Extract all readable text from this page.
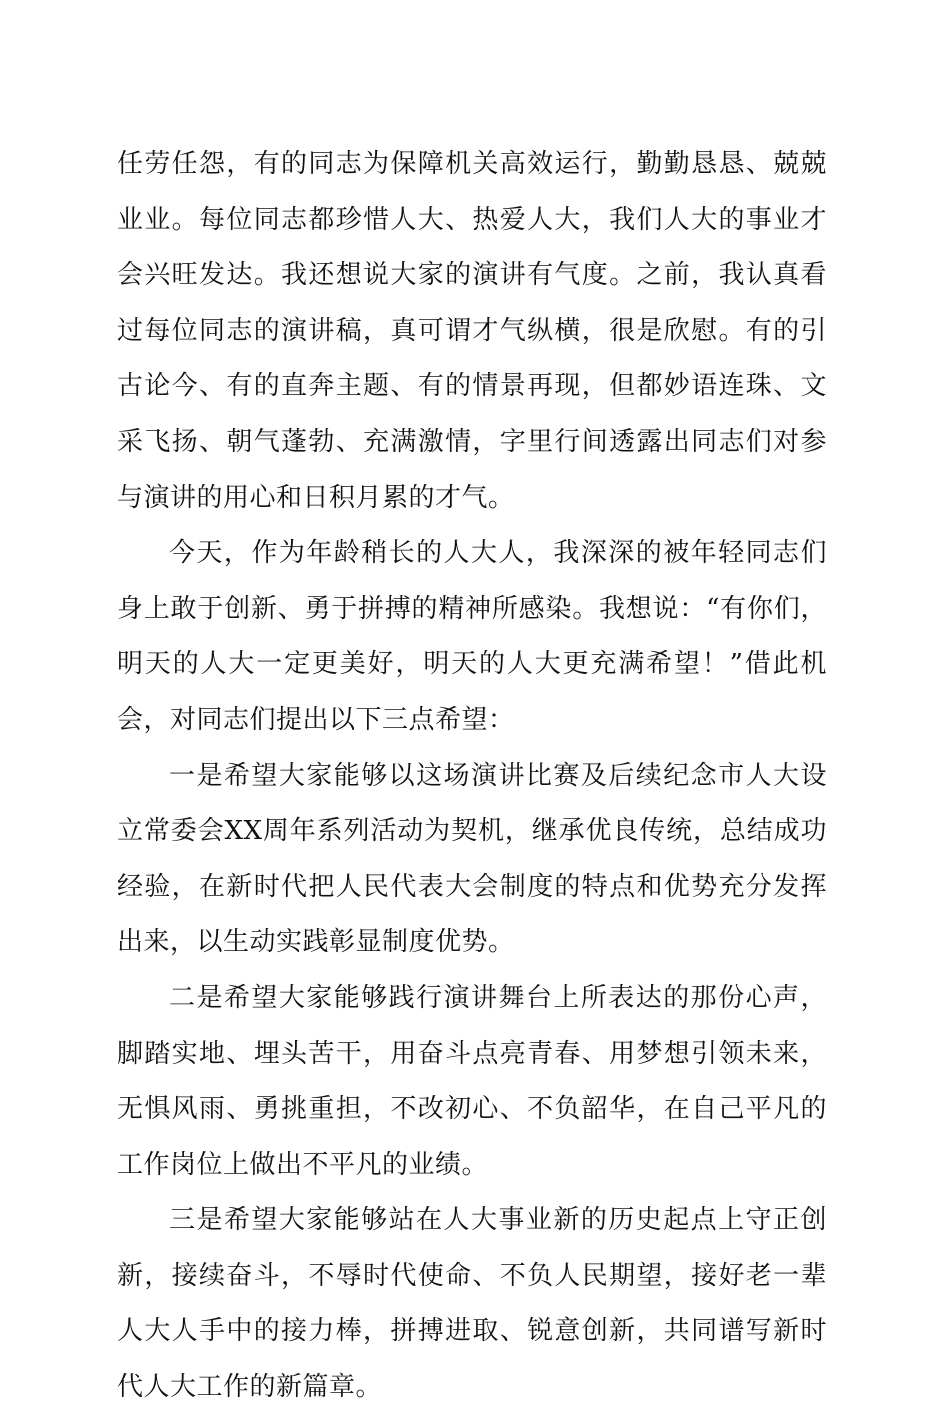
任劳任怨，有的同志为保障机关高效运行，勤勤恳恳、兢兢业业。每位同志都珍惜人大、热爱人大，我们人大的事业才会兴旺发达。我还想说大家的演讲有气度。之前，我认真看过每位同志的演讲稿，真可谓才气纵横，很是欣慰。有的引古论今、有的直奔主题、有的情景再现，但都妙语连珠、文采飞扬、朝气蓬勃、充满激情，字里行间透露出同志们对参与演讲的用心和日积月累的才气。

今天，作为年龄稍长的人大人，我深深的被年轻同志们身上敢于创新、勇于拼搏的精神所感染。我想说：“有你们，明天的人大一定更美好，明天的人大更充满希望！”借此机会，对同志们提出以下三点希望：

一是希望大家能够以这场演讲比赛及后续纪念市人大设立常委会XX周年系列活动为契机，继承优良传统，总结成功经验，在新时代把人民代表大会制度的特点和优势充分发挥出来，以生动实践彰显制度优势。

二是希望大家能够践行演讲舞台上所表达的那份心声，脚踏实地、埋头苦干，用奋斗点亮青春、用梦想引领未来，无惧风雨、勇挑重担，不改初心、不负韶华，在自己平凡的工作岗位上做出不平凡的业绩。

三是希望大家能够站在人大事业新的历史起点上守正创新，接续奋斗，不辱时代使命、不负人民期望，接好老一辈人大人手中的接力棒，拼搏进取、锐意创新，共同谱写新时代人大工作的新篇章。
